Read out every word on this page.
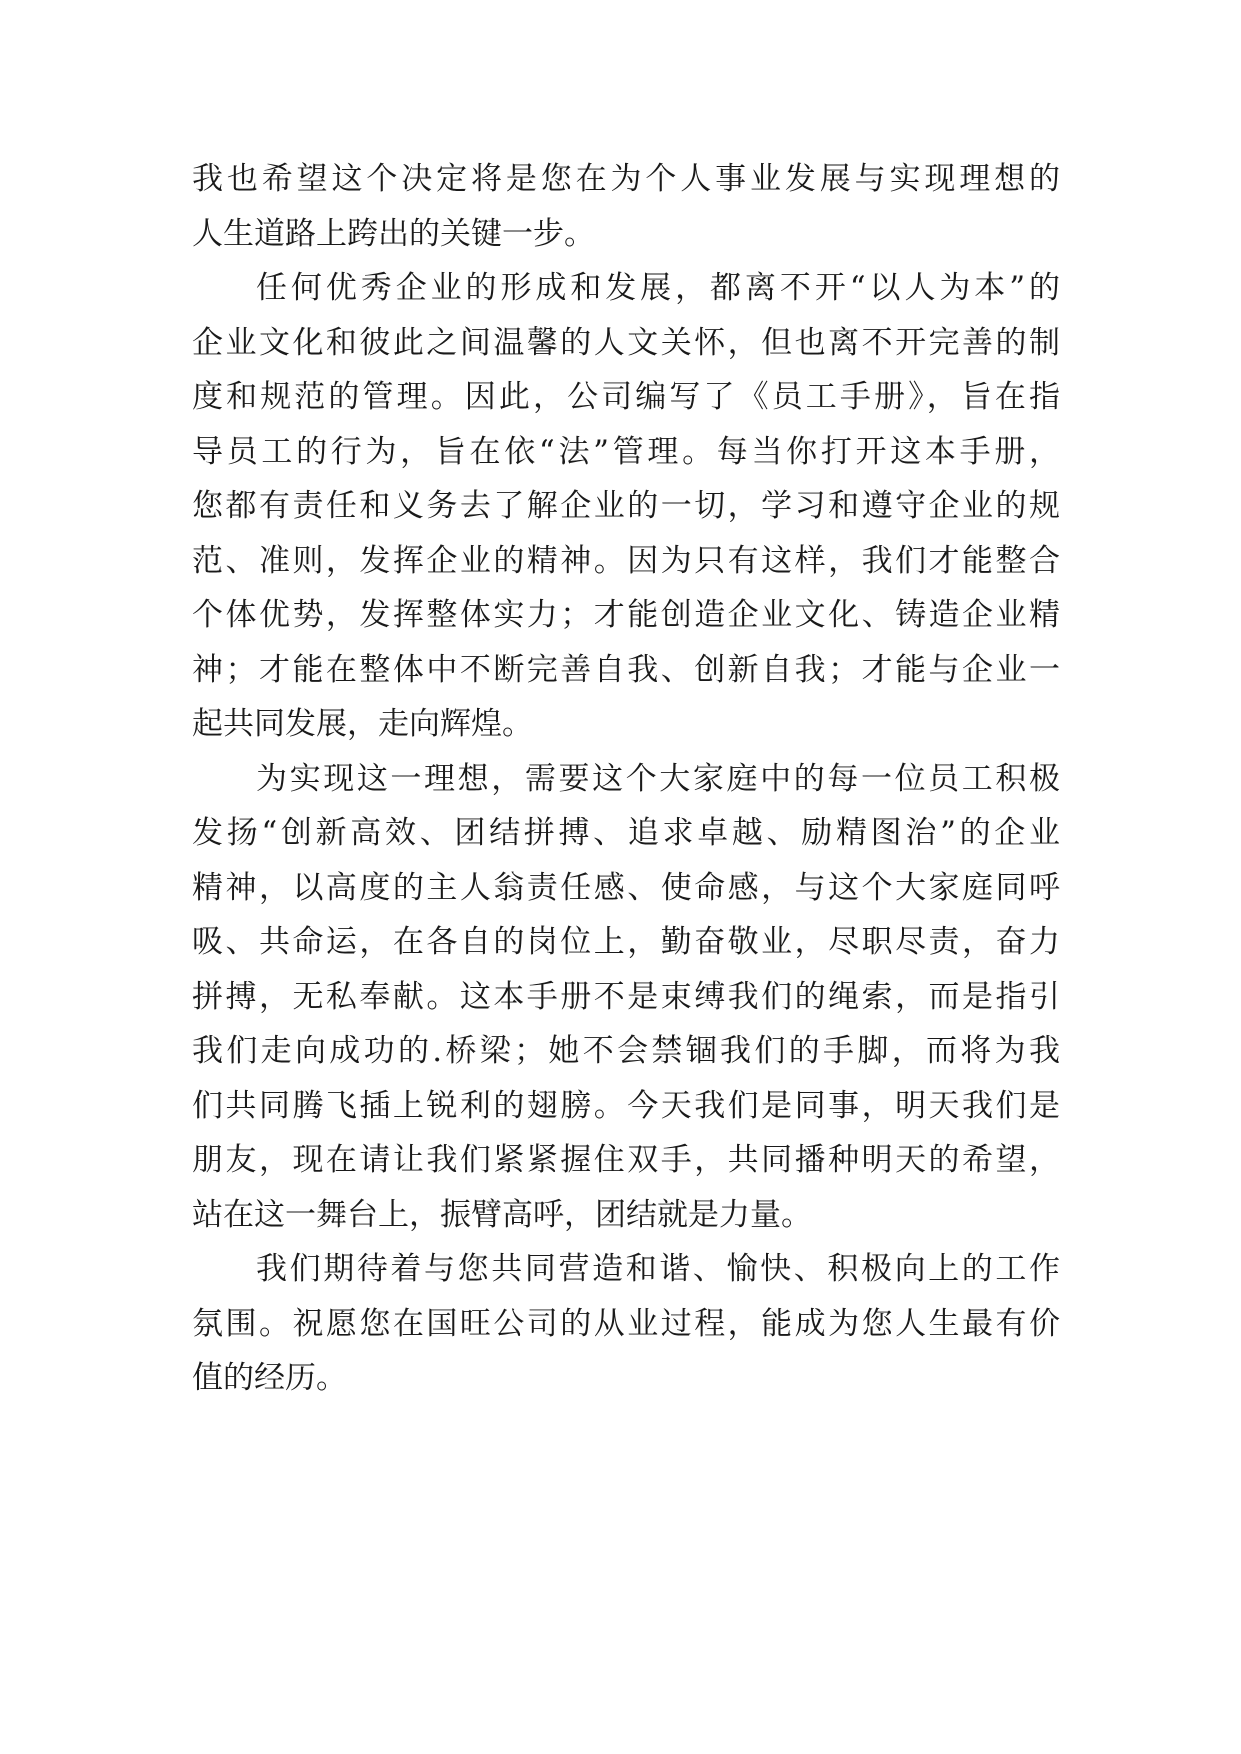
我也希望这个决定将是您在为个人事业发展与实现理想的
人生道路上跨出的关键一步。
任何优秀企业的形成和发展，都离不开“以人为本”的
企业文化和彼此之间温馨的人文关怀，但也离不开完善的制
度和规范的管理。因此，公司编写了《员工手册》，旨在指
导员工的行为，旨在依“法”管理。每当你打开这本手册，
您都有责任和义务去了解企业的一切，学习和遵守企业的规
范、准则，发挥企业的精神。因为只有这样，我们才能整合
个体优势，发挥整体实力；才能创造企业文化、铸造企业精
神；才能在整体中不断完善自我、创新自我；才能与企业一
起共同发展，走向辉煌。
为实现这一理想，需要这个大家庭中的每一位员工积极
发扬“创新高效、团结拼搏、追求卓越、励精图治”的企业
精神，以高度的主人翁责任感、使命感，与这个大家庭同呼
吸、共命运，在各自的岗位上，勤奋敬业，尽职尽责，奋力
拼搏，无私奉献。这本手册不是束缚我们的绳索，而是指引
我们走向成功的.桥梁；她不会禁锢我们的手脚，而将为我
们共同腾飞插上锐利的翅膀。今天我们是同事，明天我们是
朋友，现在请让我们紧紧握住双手，共同播种明天的希望，
站在这一舞台上，振臂高呼，团结就是力量。
我们期待着与您共同营造和谐、愉快、积极向上的工作
氛围。祝愿您在国旺公司的从业过程，能成为您人生最有价
值的经历。
